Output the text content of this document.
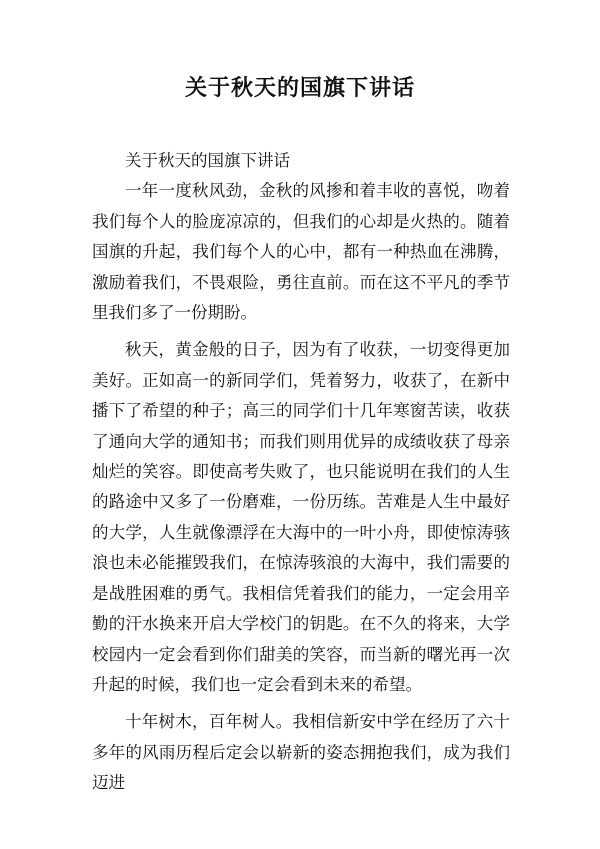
关于秋天的国旗下讲话

关于秋天的国旗下讲话

一年一度秋风劲，金秋的风掺和着丰收的喜悦，吻着我们每个人的脸庞凉凉的，但我们的心却是火热的。随着国旗的升起，我们每个人的心中，都有一种热血在沸腾，激励着我们，不畏艰险，勇往直前。而在这不平凡的季节里我们多了一份期盼。

秋天，黄金般的日子，因为有了收获，一切变得更加美好。正如高一的新同学们，凭着努力，收获了，在新中播下了希望的种子；高三的同学们十几年寒窗苦读，收获了通向大学的通知书；而我们则用优异的成绩收获了母亲灿烂的笑容。即使高考失败了，也只能说明在我们的人生的路途中又多了一份磨难，一份历练。苦难是人生中最好的大学，人生就像漂浮在大海中的一叶小舟，即使惊涛骇浪也未必能摧毁我们，在惊涛骇浪的大海中，我们需要的是战胜困难的勇气。我相信凭着我们的能力，一定会用辛勤的汗水换来开启大学校门的钥匙。在不久的将来，大学校园内一定会看到你们甜美的笑容，而当新的曙光再一次升起的时候，我们也一定会看到未来的希望。

十年树木，百年树人。我相信新安中学在经历了六十多年的风雨历程后定会以崭新的姿态拥抱我们，成为我们迈进
